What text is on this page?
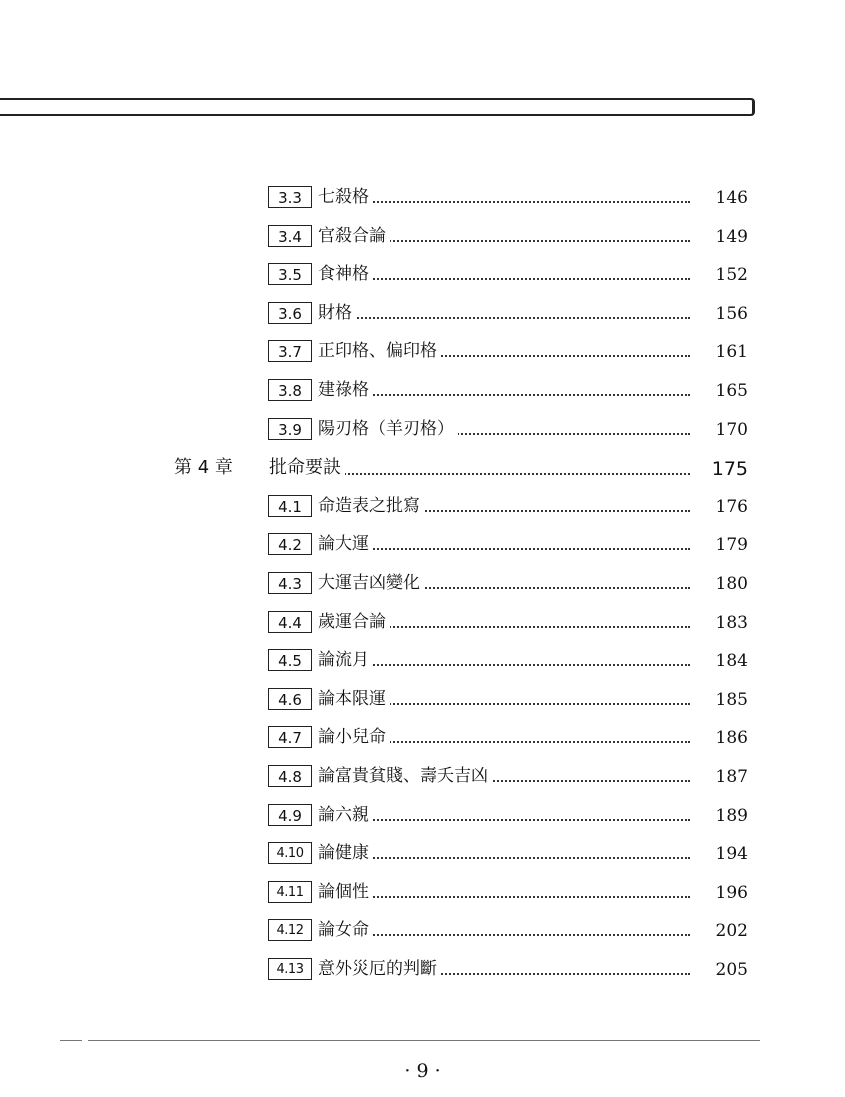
3.3 七殺格	146
3.4 官殺合論	149
3.5 食神格	152
3.6 財格	156
3.7 正印格、偏印格	161
3.8 建祿格	165
3.9 陽刃格（羊刃格）	170
第 4 章 批命要訣	175
4.1 命造表之批寫	176
4.2 論大運	179
4.3 大運吉凶變化	180
4.4 歲運合論	183
4.5 論流月	184
4.6 論本限運	185
4.7 論小兒命	186
4.8 論富貴貧賤、壽夭吉凶	187
4.9 論六親	189
4.10 論健康	194
4.11 論個性	196
4.12 論女命	202
4.13 意外災厄的判斷	205
· 9 ·
